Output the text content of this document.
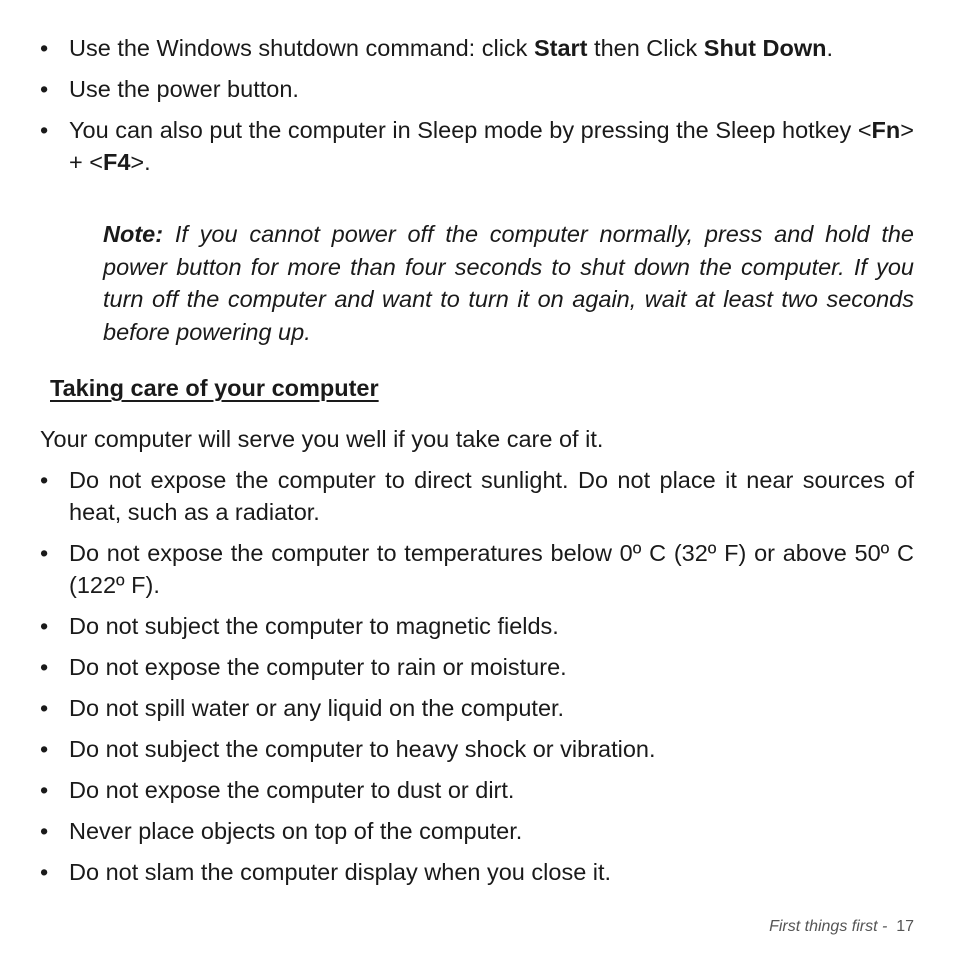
• Use the Windows shutdown command: click Start then Click Shut Down.
• Use the power button.
• You can also put the computer in Sleep mode by pressing the Sleep hotkey <Fn> + <F4>.
Note: If you cannot power off the computer normally, press and hold the power button for more than four seconds to shut down the computer. If you turn off the computer and want to turn it on again, wait at least two seconds before powering up.
Taking care of your computer

Your computer will serve you well if you take care of it.

• Do not expose the computer to direct sunlight. Do not place it near sources of heat, such as a radiator.
• Do not expose the computer to temperatures below 0º C (32º F) or above 50º C (122º F).
• Do not subject the computer to magnetic fields.
• Do not expose the computer to rain or moisture.
• Do not spill water or any liquid on the computer.
• Do not subject the computer to heavy shock or vibration.
• Do not expose the computer to dust or dirt.
• Never place objects on top of the computer.
• Do not slam the computer display when you close it.
First things first - 17
